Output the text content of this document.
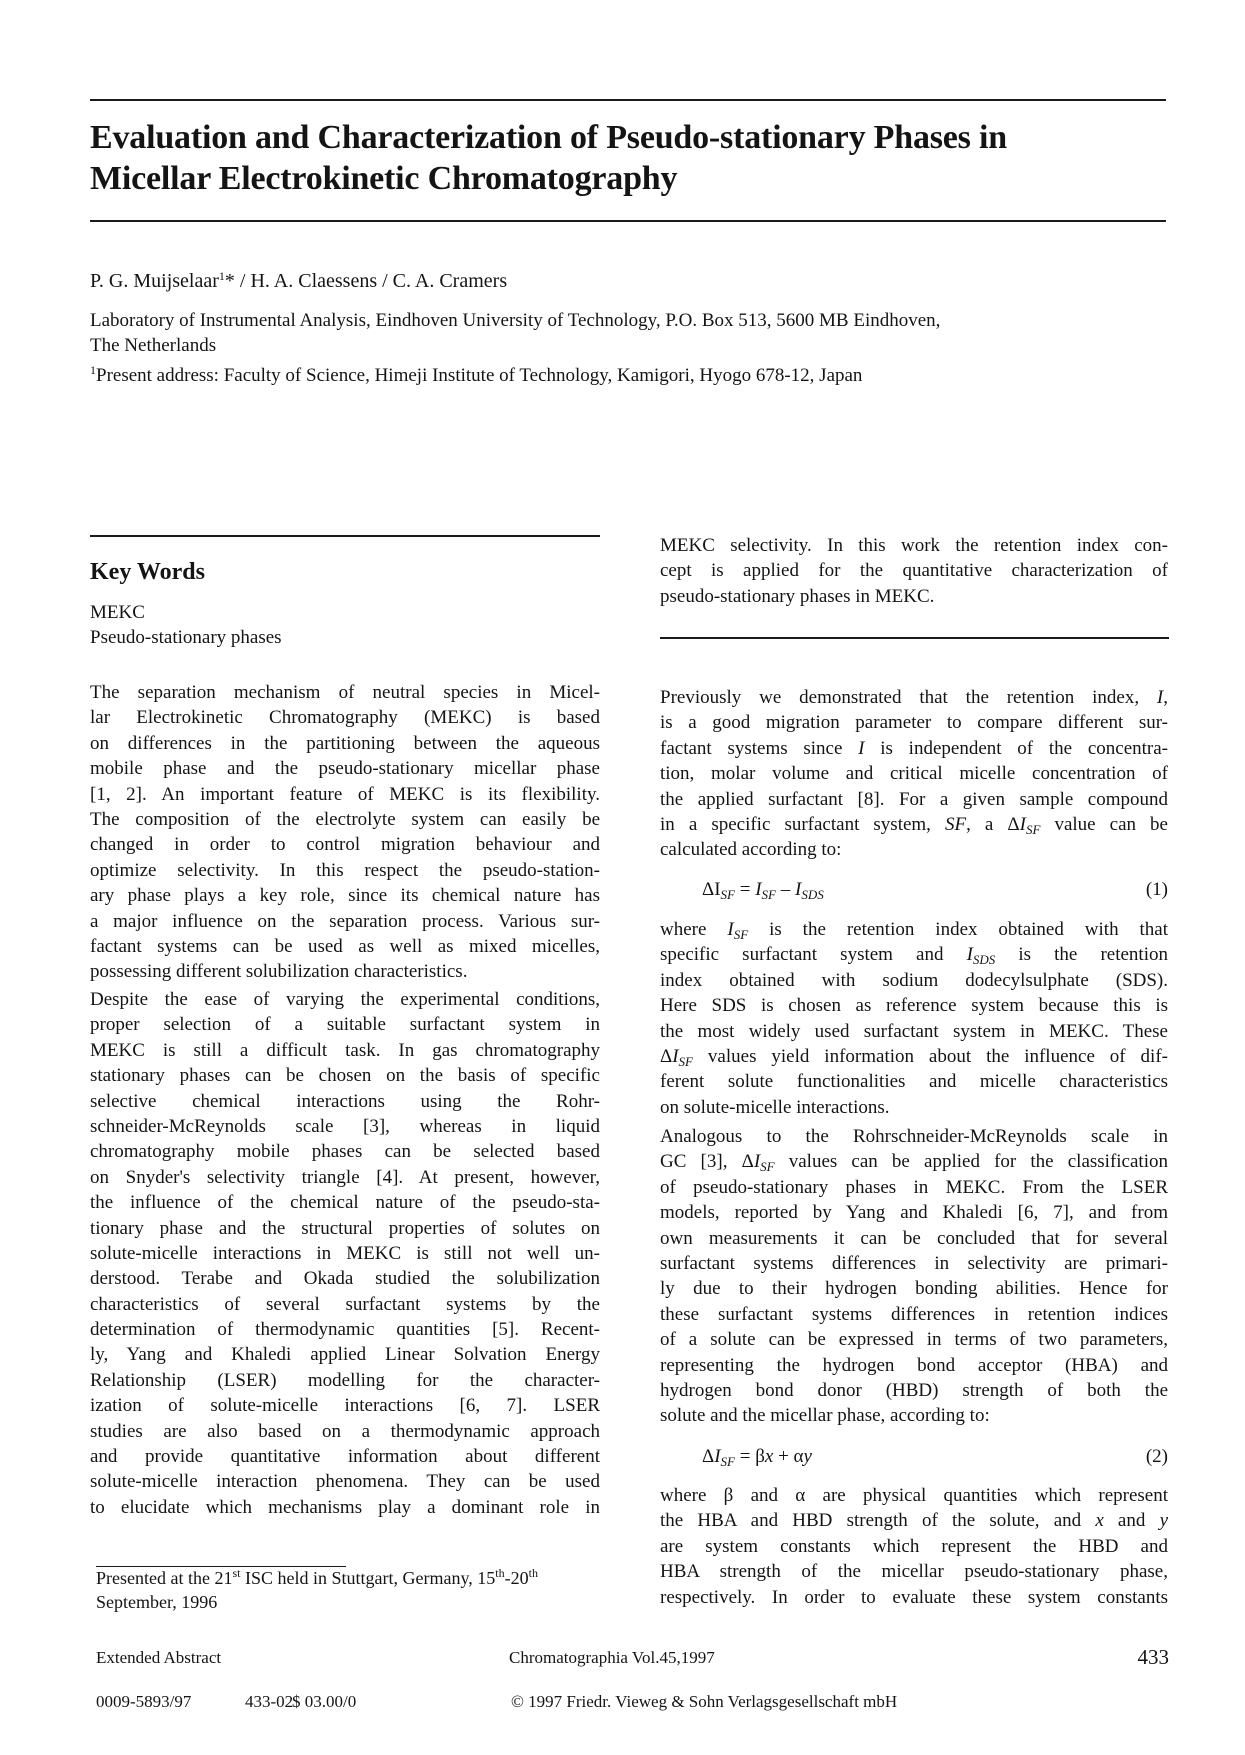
Evaluation and Characterization of Pseudo-stationary Phases in
Micellar Electrokinetic Chromatography
P. G. Muijselaar$^1$* / H. A. Claessens / C. A. Cramers
Laboratory of Instrumental Analysis, Eindhoven University of Technology, P.O. Box 513, 5600 MB Eindhoven,
The Netherlands
$^1$Present address: Faculty of Science, Himeji Institute of Technology, Kamigori, Hyogo 678-12, Japan
Key Words
MEKC
Pseudo-stationary phases
The separation mechanism of neutral species in Micel-
lar Electrokinetic Chromatography (MEKC) is based
on differences in the partitioning between the aqueous
mobile phase and the pseudo-stationary micellar phase
[1, 2]. An important feature of MEKC is its flexibility.
The composition of the electrolyte system can easily be
changed in order to control migration behaviour and
optimize selectivity. In this respect the pseudo-station-
ary phase plays a key role, since its chemical nature has
a major influence on the separation process. Various sur-
factant systems can be used as well as mixed micelles,
possessing different solubilization characteristics.
Despite the ease of varying the experimental conditions,
proper selection of a suitable surfactant system in
MEKC is still a difficult task. In gas chromatography
stationary phases can be chosen on the basis of specific
selective chemical interactions using the Rohr-
schneider-McReynolds scale [3], whereas in liquid
chromatography mobile phases can be selected based
on Snyder's selectivity triangle [4]. At present, however,
the influence of the chemical nature of the pseudo-sta-
tionary phase and the structural properties of solutes on
solute-micelle interactions in MEKC is still not well un-
derstood. Terabe and Okada studied the solubilization
characteristics of several surfactant systems by the
determination of thermodynamic quantities [5]. Recent-
ly, Yang and Khaledi applied Linear Solvation Energy
Relationship (LSER) modelling for the character-
ization of solute-micelle interactions [6, 7]. LSER
studies are also based on a thermodynamic approach
and provide quantitative information about different
solute-micelle interaction phenomena. They can be used
to elucidate which mechanisms play a dominant role in
Presented at the 21st ISC held in Stuttgart, Germany, 15th-20th
September, 1996
MEKC selectivity. In this work the retention index con-
cept is applied for the quantitative characterization of
pseudo-stationary phases in MEKC.
Previously we demonstrated that the retention index, I,
is a good migration parameter to compare different sur-
factant systems since I is independent of the concentra-
tion, molar volume and critical micelle concentration of
the applied surfactant [8]. For a given sample compound
in a specific surfactant system, SF, a $\Delta I_{SF}$ value can be
calculated according to:
$\Delta I_{SF} = I_{SF} - I_{SDS}$	(1)
where $I_{SF}$ is the retention index obtained with that
specific surfactant system and $I_{SDS}$ is the retention
index obtained with sodium dodecylsulphate (SDS).
Here SDS is chosen as reference system because this is
the most widely used surfactant system in MEKC. These
$\Delta I_{SF}$ values yield information about the influence of dif-
ferent solute functionalities and micelle characteristics
on solute-micelle interactions.
Analogous to the Rohrschneider-McReynolds scale in
GC [3], $\Delta I_{SF}$ values can be applied for the classification
of pseudo-stationary phases in MEKC. From the LSER
models, reported by Yang and Khaledi [6, 7], and from
own measurements it can be concluded that for several
surfactant systems differences in selectivity are primari-
ly due to their hydrogen bonding abilities. Hence for
these surfactant systems differences in retention indices
of a solute can be expressed in terms of two parameters,
representing the hydrogen bond acceptor (HBA) and
hydrogen bond donor (HBD) strength of both the
solute and the micellar phase, according to:
$\Delta I_{SF} = \beta x + \alpha y$	(2)
where β and α are physical quantities which represent
the HBA and HBD strength of the solute, and x and y
are system constants which represent the HBD and
HBA strength of the micellar pseudo-stationary phase,
respectively. In order to evaluate these system constants
Extended Abstract	Chromatographia Vol.45,1997	433
0009-5893/97	433-02
$ 03.00/0	© 1997 Friedr. Vieweg & Sohn Verlagsgesellschaft mbH
